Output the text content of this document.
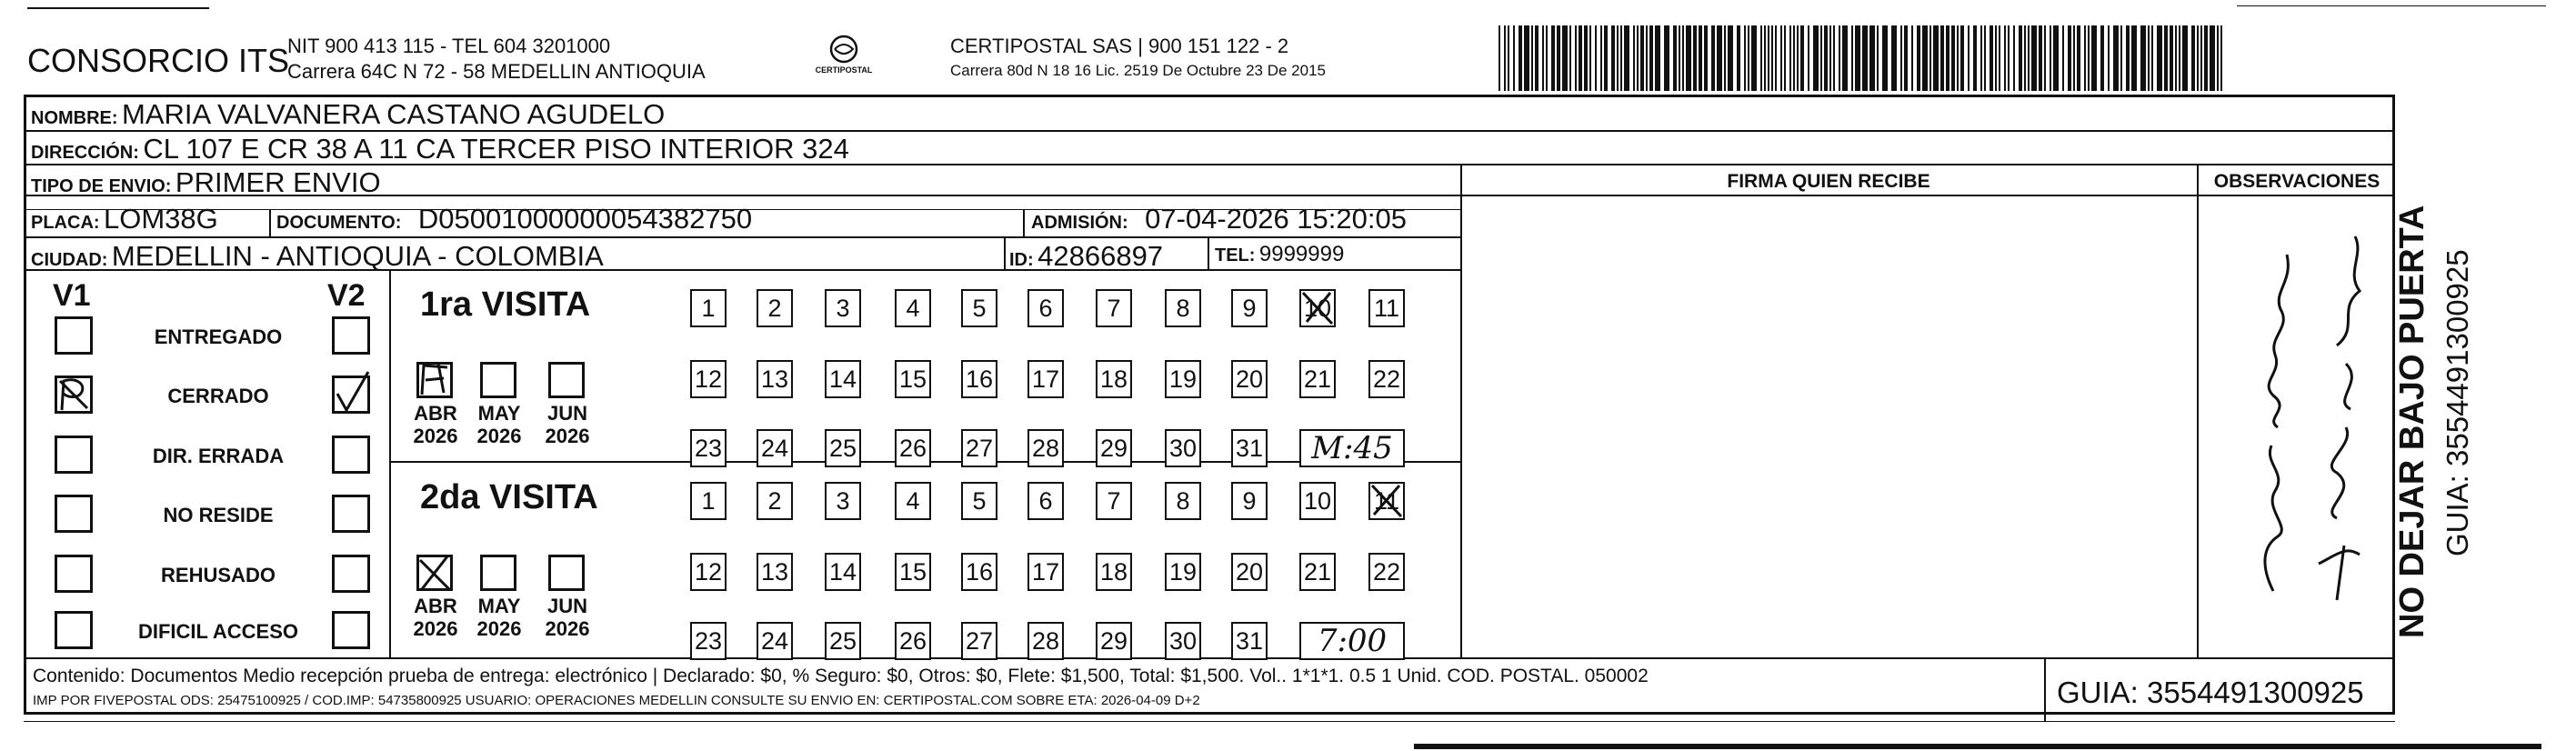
CONSORCIO ITS
NIT 900 413 115 - TEL 604 3201000
Carrera 64C N 72 - 58 MEDELLIN ANTIOQUIA	CERTIPOSTAL
CERTIPOSTAL SAS | 900 151 122 - 2
Carrera 80d N 18 16 Lic. 2519 De Octubre 23 De 2015
NOMBRE: MARIA VALVANERA CASTANO AGUDELO
DIRECCIÓN: CL 107 E CR 38 A 11 CA TERCER PISO INTERIOR 324
TIPO DE ENVIO: PRIMER ENVIO
PLACA: LOM38G	DOCUMENTO: D05001000000054382750	ADMISIÓN: 07-04-2026 15:20:05
CIUDAD: MEDELLIN - ANTIOQUIA - COLOMBIA	ID: 42866897	TEL: 9999999
FIRMA QUIEN RECIBE	OBSERVACIONES
V1	V2
ENTREGADO
CERRADO
DIR. ERRADA
NO RESIDE
REHUSADO
DIFICIL ACCESO
1ra VISITA
ABR
2026
MAY
2026
JUN
2026
1	2	3	4	5	6	7	8	9	10 11
12 13 14 15 16 17 18 19 20 21 22
23 24 25 26 27 28 29 30 31	M:45
2da VISITA
ABR
2026
MAY
2026
JUN
2026
1	2	3	4	5	6	7	8	9	10 11
12 13 14 15 16 17 18 19 20 21 22
23 24 25 26 27 28 29 30 31	7:00
Contenido: Documentos Medio recepción prueba de entrega: electrónico | Declarado: $0, % Seguro: $0, Otros: $0, Flete: $1,500, Total: $1,500. Vol.. 1*1*1. 0.5 1 Unid. COD. POSTAL. 050002
IMP POR FIVEPOSTAL ODS: 25475100925 / COD.IMP: 54735800925 USUARIO: OPERACIONES MEDELLIN CONSULTE SU ENVIO EN: CERTIPOSTAL.COM SOBRE ETA: 2026-04-09 D+2	GUIA: 3554491300925
NO DEJAR BAJO PUERTA GUIA: 3554491300925
